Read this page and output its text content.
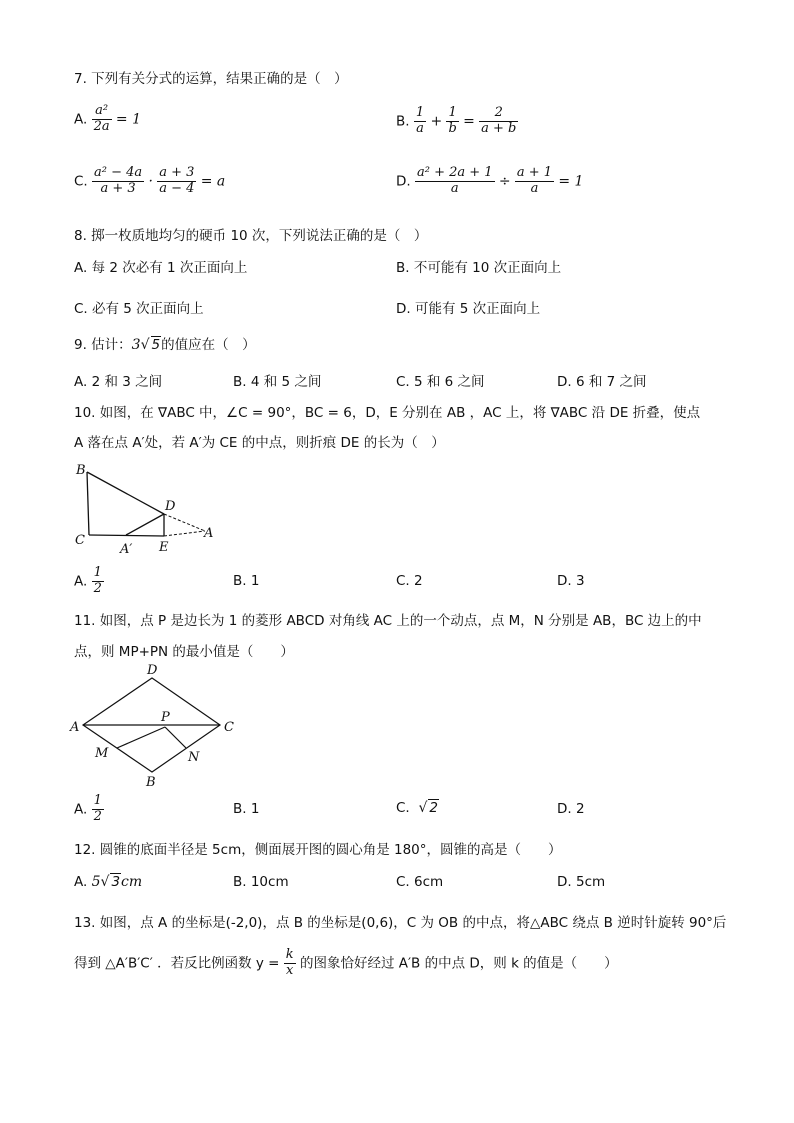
7. 下列有关分式的运算，结果正确的是（　）
A. $\frac{\text{a²}}{2a} = 1$	B. $\frac{1}{a} + \frac{1}{b} = \frac{2}{a + b}$
C. $\frac{\text{a² − 4a}}{a + 3} \cdot \frac{a + 3}{a - 4} = a$	D. $\frac{\text{a² + 2a + 1}}{a} \div \frac{a + 1}{a} = 1$
8. 掷一枚质地均匀的硬币 10 次，下列说法正确的是（　）
A. 每 2 次必有 1 次正面向上	B. 不可能有 10 次正面向上
C. 必有 5 次正面向上	D. 可能有 5 次正面向上
9. 估计：3√ 5的值应在（　）
A. 2 和 3 之间	B. 4 和 5 之间	C. 5 和 6 之间	D. 6 和 7 之间
10. 如图，在 ∇ABC 中，∠C = 90°，BC = 6，D，E 分别在 AB ，AC 上，将 ∇ABC 沿 DE 折叠，使点
A 落在点 A′处，若 A′为 CE 的中点，则折痕 DE 的长为（　）
B
C
D
A′ E
A
A. $\frac{1}{2}$	B. 1	C. 2	D. 3
11. 如图，点 P 是边长为 1 的菱形 ABCD 对角线 AC 上的一个动点，点 M，N 分别是 AB，BC 边上的中
点，则 MP+PN 的最小值是（　　）
D
A
P
C
M	N
B
A. $\frac{1}{2}$	B. 1	C.  √ 2	D. 2
12. 圆锥的底面半径是 5cm，侧面展开图的圆心角是 180°，圆锥的高是（　　）
A. 5√ 3cm	B. 10cm	C. 6cm	D. 5cm
13. 如图，点 A 的坐标是(-2,0)，点 B 的坐标是(0,6)，C 为 OB 的中点，将△ABC 绕点 B 逆时针旋转 90°后
得到 △A′B′C′ ．若反比例函数 $y = \frac{k}{x}$ 的图象恰好经过 A′B 的中点 D，则 k 的值是（　　）
